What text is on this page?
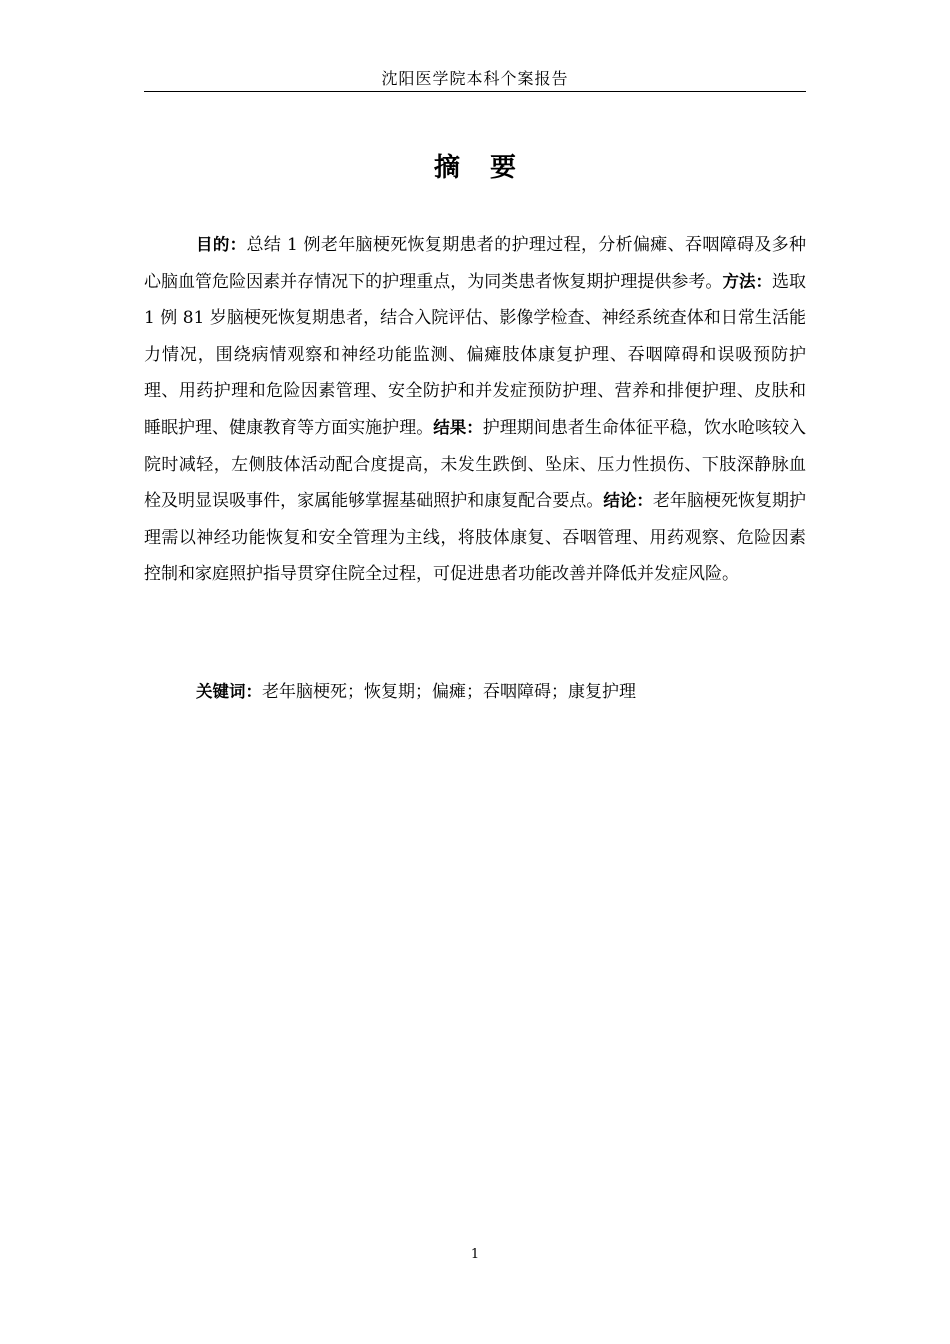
沈阳医学院本科个案报告
摘要

目的：总结 1 例老年脑梗死恢复期患者的护理过程，分析偏瘫、吞咽障碍及多种心脑血管危险因素并存情况下的护理重点，为同类患者恢复期护理提供参考。方法：选取 1 例 81 岁脑梗死恢复期患者，结合入院评估、影像学检查、神经系统查体和日常生活能力情况，围绕病情观察和神经功能监测、偏瘫肢体康复护理、吞咽障碍和误吸预防护理、用药护理和危险因素管理、安全防护和并发症预防护理、营养和排便护理、皮肤和睡眠护理、健康教育等方面实施护理。结果：护理期间患者生命体征平稳，饮水呛咳较入院时减轻，左侧肢体活动配合度提高，未发生跌倒、坠床、压力性损伤、下肢深静脉血栓及明显误吸事件，家属能够掌握基础照护和康复配合要点。结论：老年脑梗死恢复期护理需以神经功能恢复和安全管理为主线，将肢体康复、吞咽管理、用药观察、危险因素控制和家庭照护指导贯穿住院全过程，可促进患者功能改善并降低并发症风险。

关键词：老年脑梗死；恢复期；偏瘫；吞咽障碍；康复护理

1
